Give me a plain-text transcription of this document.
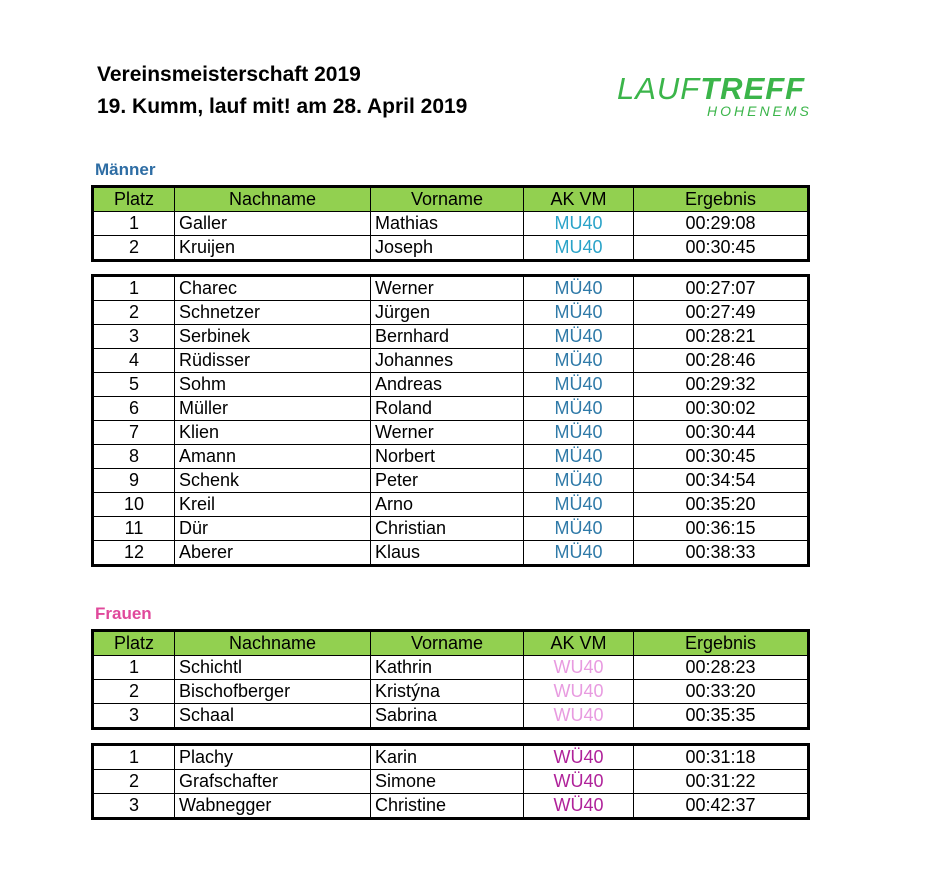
Vereinsmeisterschaft 2019
19. Kumm, lauf mit! am 28. April 2019
LAUFTREFF
HOHENEMS
Männer
Frauen
Platz	Nachname	Vorname	AK VM	Ergebnis
1	Galler	Mathias	MU40	00:29:08
2	Kruijen	Joseph	MU40	00:30:45
1	Charec	Werner	MÜ40	00:27:07
2	Schnetzer	Jürgen	MÜ40	00:27:49
3	Serbinek	Bernhard	MÜ40	00:28:21
4	Rüdisser	Johannes	MÜ40	00:28:46
5	Sohm	Andreas	MÜ40	00:29:32
6	Müller	Roland	MÜ40	00:30:02
7	Klien	Werner	MÜ40	00:30:44
8	Amann	Norbert	MÜ40	00:30:45
9	Schenk	Peter	MÜ40	00:34:54
10	Kreil	Arno	MÜ40	00:35:20
11	Dür	Christian	MÜ40	00:36:15
12	Aberer	Klaus	MÜ40	00:38:33
Platz	Nachname	Vorname	AK VM	Ergebnis
1	Schichtl	Kathrin	WU40	00:28:23
2	Bischofberger	Kristýna	WU40	00:33:20
3	Schaal	Sabrina	WU40	00:35:35
1	Plachy	Karin	WÜ40	00:31:18
2	Grafschafter	Simone	WÜ40	00:31:22
3	Wabnegger	Christine	WÜ40	00:42:37
